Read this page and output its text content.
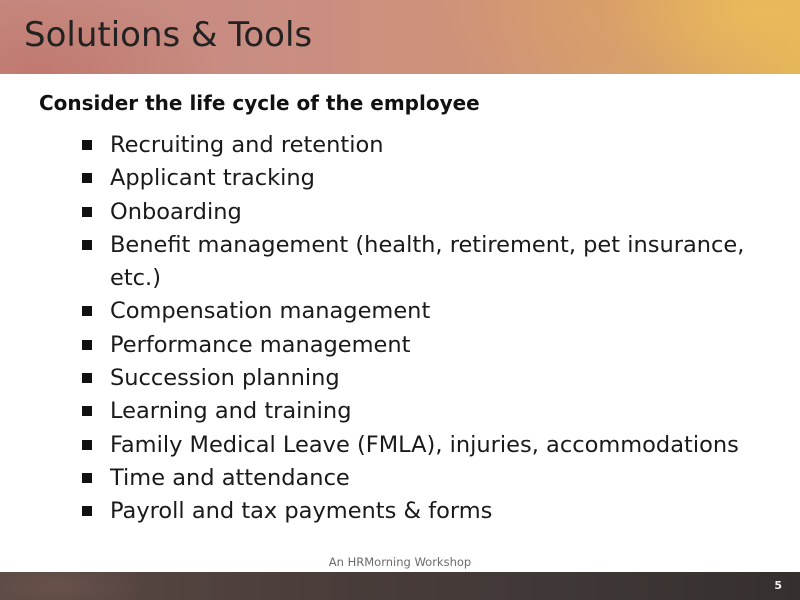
Solutions & Tools

Consider the life cycle of the employee

Recruiting and retention
Applicant tracking
Onboarding
Benefit management (health, retirement, pet insurance, etc.)
Compensation management
Performance management
Succession planning
Learning and training
Family Medical Leave (FMLA), injuries, accommodations
Time and attendance
Payroll and tax payments & forms
An HRMorning Workshop
5
